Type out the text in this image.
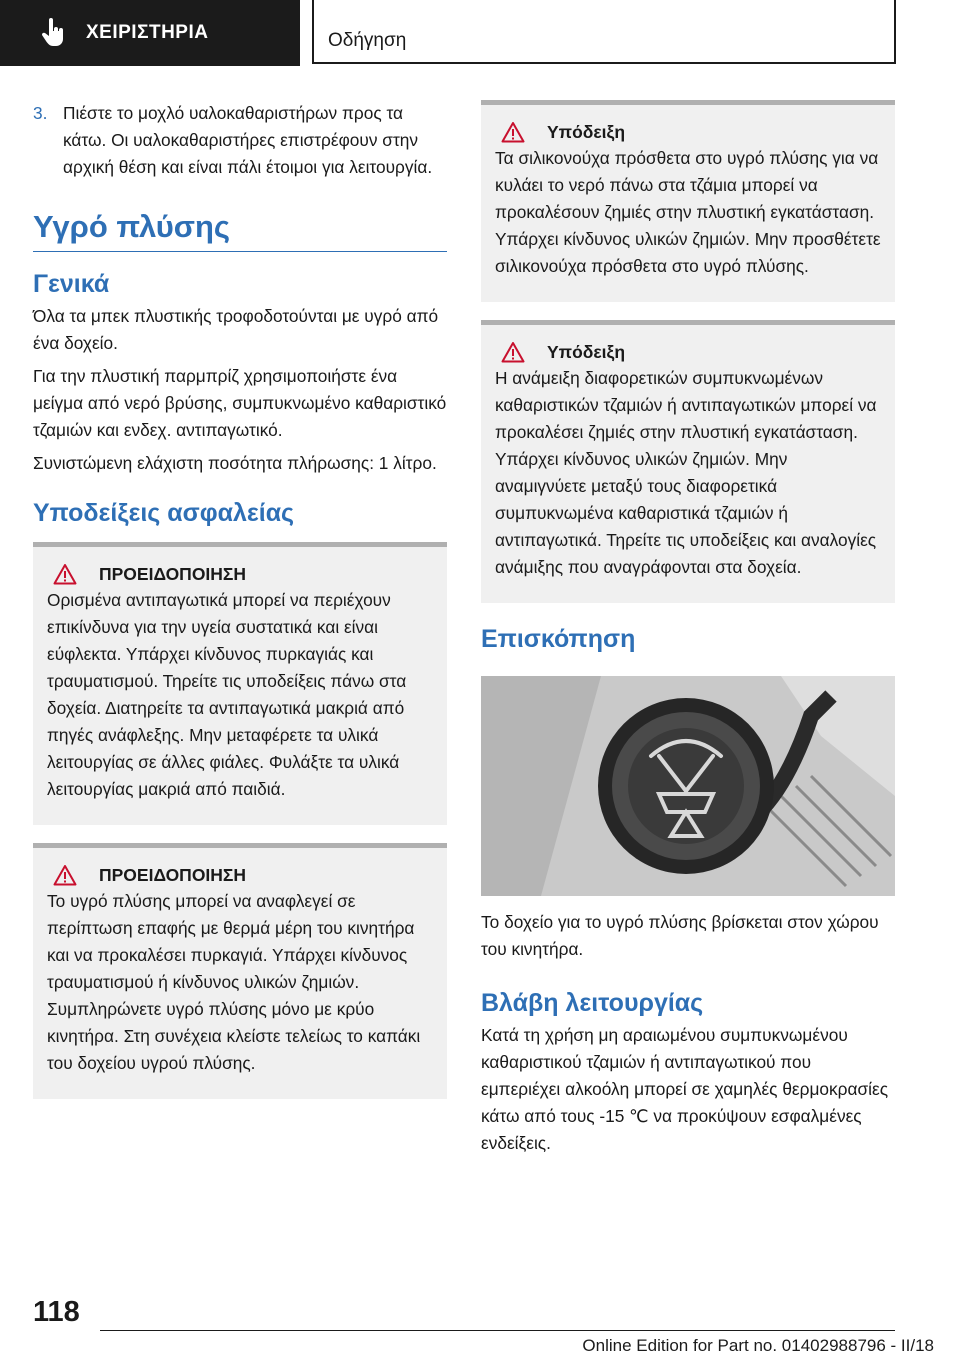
ΧΕΙΡΙΣΤΗΡΙΑ	Οδήγηση
3. Πιέστε το μοχλό υαλοκαθαριστήρων προς τα κάτω. Οι υαλοκαθαριστήρες επιστρέφουν στην αρχική θέση και είναι πάλι έτοιμοι για λειτουργία.
Υγρό πλύσης
Γενικά

Όλα τα μπεκ πλυστικής τροφοδοτούνται με υγρό από ένα δοχείο.

Για την πλυστική παρμπρίζ χρησιμοποιήστε ένα μείγμα από νερό βρύσης, συμπυκνωμένο καθαριστικό τζαμιών και ενδεχ. αντιπαγωτικό.

Συνιστώμενη ελάχιστη ποσότητα πλήρωσης: 1 λίτρο.

Υποδείξεις ασφαλείας
ΠΡΟΕΙΔΟΠΟΙΗΣΗ

Ορισμένα αντιπαγωτικά μπορεί να περιέχουν επικίνδυνα για την υγεία συστατικά και είναι εύφλεκτα. Υπάρχει κίνδυνος πυρκαγιάς και τραυματισμού. Τηρείτε τις υποδείξεις πάνω στα δοχεία. Διατηρείτε τα αντιπαγωτικά μακριά από πηγές ανάφλεξης. Μην μεταφέρετε τα υλικά λειτουργίας σε άλλες φιάλες. Φυλάξτε τα υλικά λειτουργίας μακριά από παιδιά.

ΠΡΟΕΙΔΟΠΟΙΗΣΗ

Το υγρό πλύσης μπορεί να αναφλεγεί σε περίπτωση επαφής με θερμά μέρη του κινητήρα και να προκαλέσει πυρκαγιά. Υπάρχει κίνδυνος τραυματισμού ή κίνδυνος υλικών ζημιών. Συμπληρώνετε υγρό πλύσης μόνο με κρύο κινητήρα. Στη συνέχεια κλείστε τελείως το καπάκι του δοχείου υγρού πλύσης.

Υπόδειξη

Τα σιλικονούχα πρόσθετα στο υγρό πλύσης για να κυλάει το νερό πάνω στα τζάμια μπορεί να προκαλέσουν ζημιές στην πλυστική εγκατάσταση. Υπάρχει κίνδυνος υλικών ζημιών. Μην προσθέτετε σιλικονούχα πρόσθετα στο υγρό πλύσης.

Υπόδειξη

Η ανάμειξη διαφορετικών συμπυκνωμένων καθαριστικών τζαμιών ή αντιπαγωτικών μπορεί να προκαλέσει ζημιές στην πλυστική εγκατάσταση. Υπάρχει κίνδυνος υλικών ζημιών. Μην αναμιγνύετε μεταξύ τους διαφορετικά συμπυκνωμένα καθαριστικά τζαμιών ή αντιπαγωτικά. Τηρείτε τις υποδείξεις και αναλογίες ανάμιξης που αναγράφονται στα δοχεία.

Επισκόπηση

Το δοχείο για το υγρό πλύσης βρίσκεται στον χώρου του κινητήρα.

Βλάβη λειτουργίας

Κατά τη χρήση μη αραιωμένου συμπυκνωμένου καθαριστικού τζαμιών ή αντιπαγωτικού που εμπεριέχει αλκοόλη μπορεί σε χαμηλές θερμοκρασίες κάτω από τους -15 ℃ να προκύψουν εσφαλμένες ενδείξεις.

118
Online Edition for Part no. 01402988796 - II/18
